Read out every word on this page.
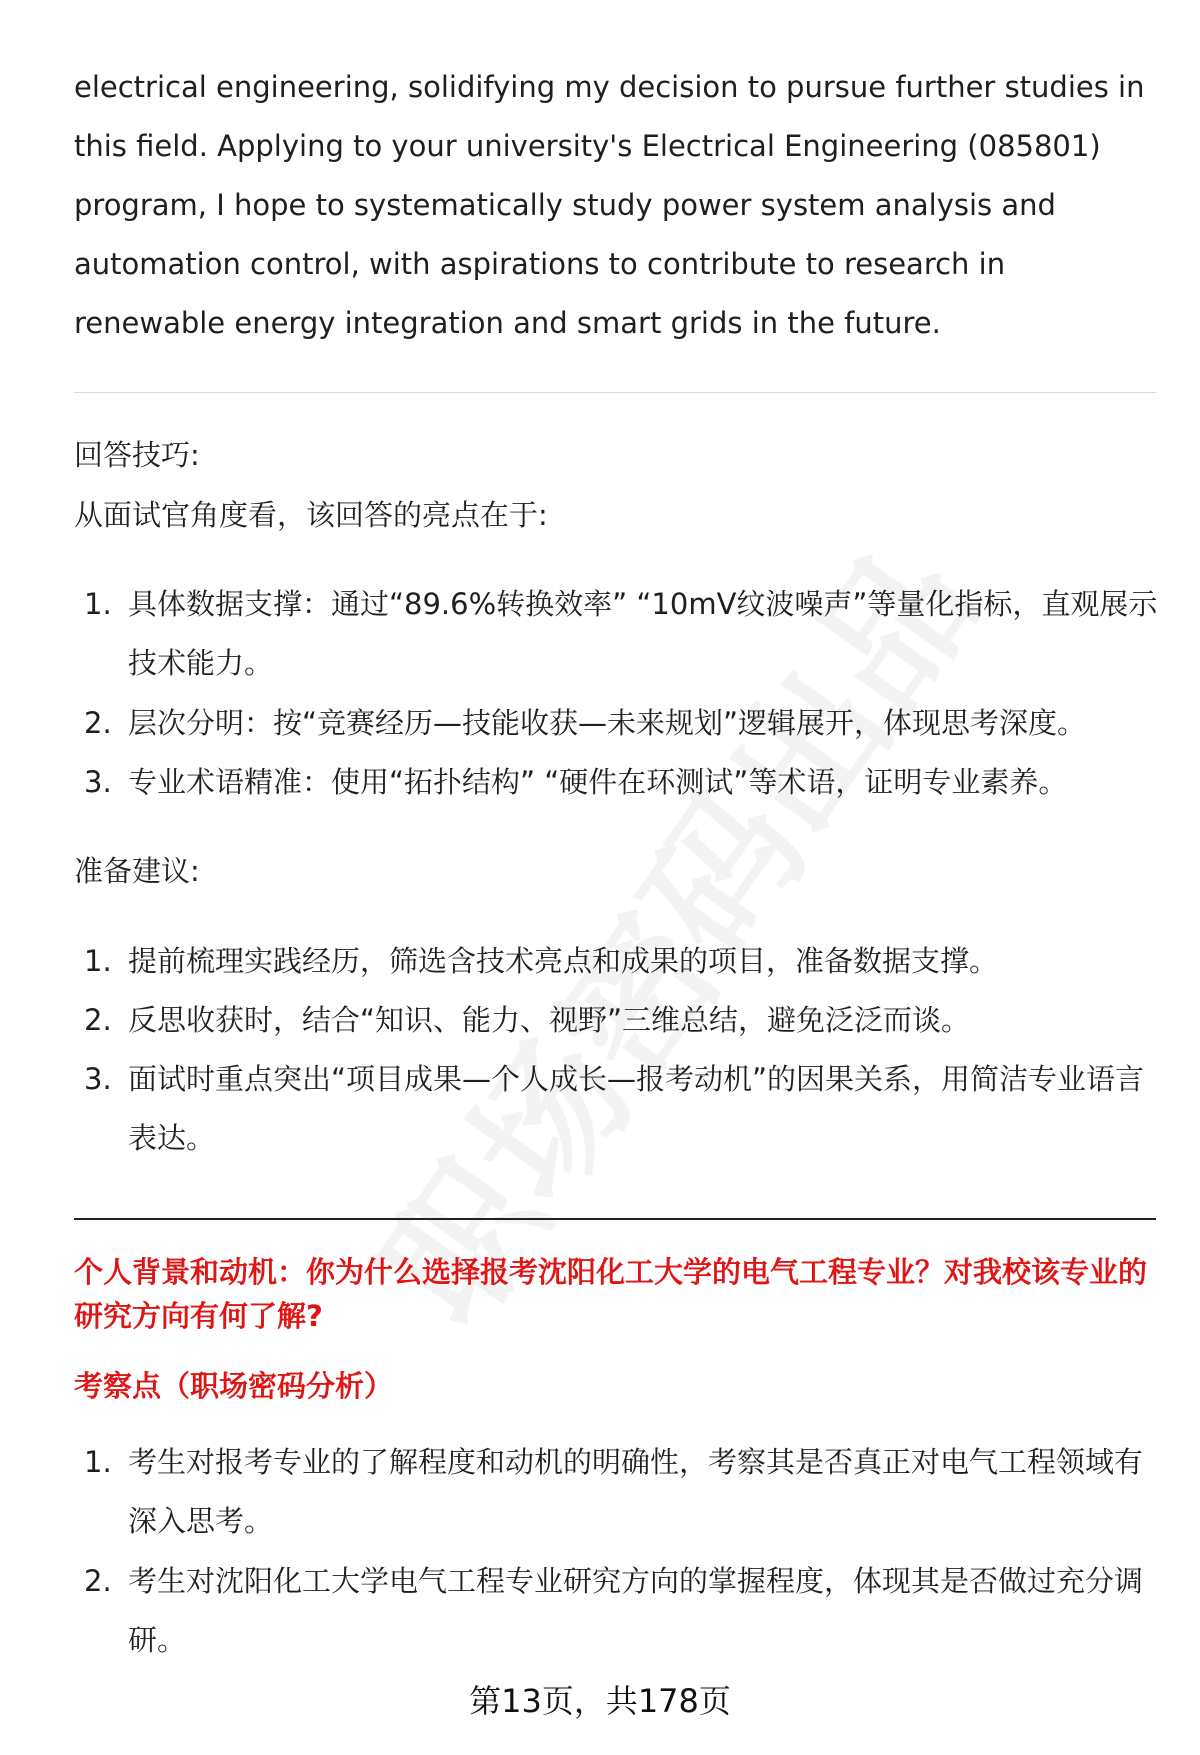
electrical engineering, solidifying my decision to pursue further studies in this field. Applying to your university's Electrical Engineering (085801) program, I hope to systematically study power system analysis and automation control, with aspirations to contribute to research in renewable energy integration and smart grids in the future.

回答技巧:
从面试官角度看，该回答的亮点在于:
1. 具体数据支撑：通过“89.6%转换效率” “10mV纹波噪声”等量化指标，直观展示技术能力。
2. 层次分明：按“竞赛经历—技能收获—未来规划”逻辑展开，体现思考深度。
3. 专业术语精准：使用“拓扑结构” “硬件在环测试”等术语，证明专业素养。
准备建议:
1. 提前梳理实践经历，筛选含技术亮点和成果的项目，准备数据支撑。
2. 反思收获时，结合“知识、能力、视野”三维总结，避免泛泛而谈。
3. 面试时重点突出“项目成果—个人成长—报考动机”的因果关系，用简洁专业语言表达。
个人背景和动机：你为什么选择报考沈阳化工大学的电气工程专业？对我校该专业的研究方向有何了解?
考察点（职场密码分析）
1. 考生对报考专业的了解程度和动机的明确性，考察其是否真正对电气工程领域有深入思考。
2. 考生对沈阳化工大学电气工程专业研究方向的掌握程度，体现其是否做过充分调研。
第13页，共178页
